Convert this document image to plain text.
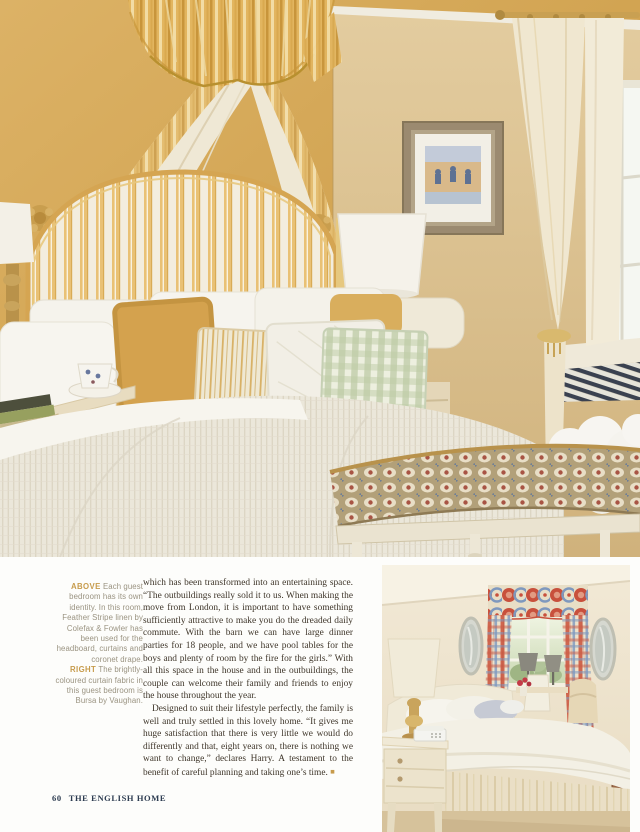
ABOVE Each guest bedroom has its own identity. In this room, Feather Stripe linen by Colefax & Fowler has been used for the headboard, curtains and coronet drape.

RIGHT The brightly-coloured curtain fabric in this guest bedroom is Bursa by Vaughan.

which has been transformed into an entertaining space. “The outbuildings really sold it to us. When making the move from London, it is important to have something sufficiently attractive to make you do the dreaded daily commute. With the barn we can have large dinner parties for 18 people, and we have pool tables for the boys and plenty of room by the fire for the girls.” With all this space in the house and in the outbuildings, the couple can welcome their family and friends to enjoy the house throughout the year.

Designed to suit their lifestyle perfectly, the family is well and truly settled in this lovely home. “It gives me huge satisfaction that there is very little we would do differently and that, eight years on, there is nothing we want to change,” declares Harry. A testament to the benefit of careful planning and taking one’s time. ■

60 THE ENGLISH HOME
